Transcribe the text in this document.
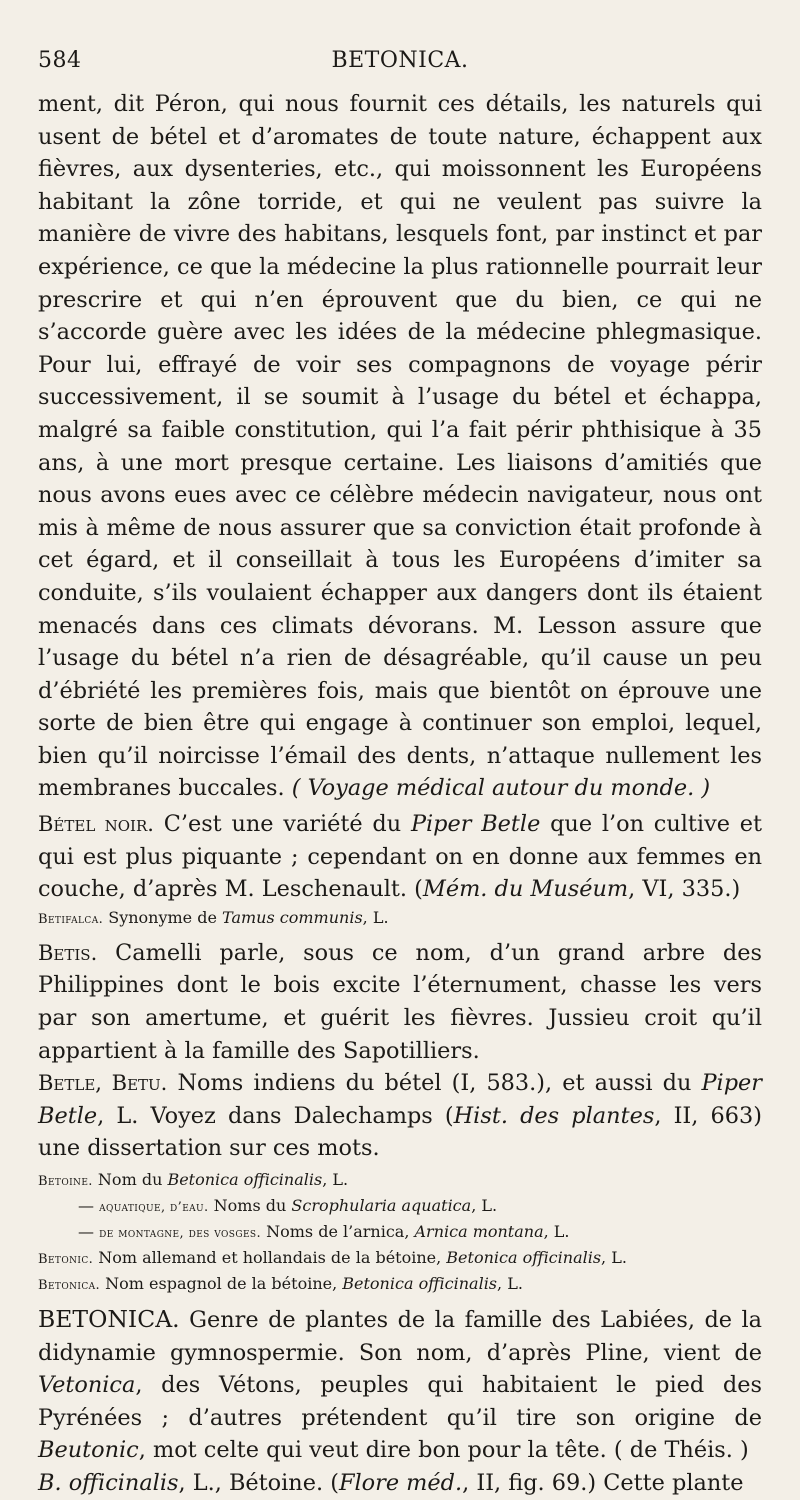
584	BETONICA.

ment, dit Péron, qui nous fournit ces détails, les naturels qui usent de bétel et d’aromates de toute nature, échappent aux fièvres, aux dysenteries, etc., qui moissonnent les Européens habitant la zône torride, et qui ne veulent pas suivre la manière de vivre des habitans, lesquels font, par instinct et par expérience, ce que la médecine la plus rationnelle pourrait leur prescrire et qui n’en éprouvent que du bien, ce qui ne s’accorde guère avec les idées de la médecine phlegmasique. Pour lui, effrayé de voir ses compagnons de voyage périr successivement, il se soumit à l’usage du bétel et échappa, malgré sa faible constitution, qui l’a fait périr phthisique à 35 ans, à une mort presque certaine. Les liaisons d’amitiés que nous avons eues avec ce célèbre médecin navigateur, nous ont mis à même de nous assurer que sa conviction était profonde à cet égard, et il conseillait à tous les Européens d’imiter sa conduite, s’ils voulaient échapper aux dangers dont ils étaient menacés dans ces climats dévorans. M. Lesson assure que l’usage du bétel n’a rien de désagréable, qu’il cause un peu d’ébriété les premières fois, mais que bientôt on éprouve une sorte de bien être qui engage à continuer son emploi, lequel, bien qu’il noircisse l’émail des dents, n’attaque nullement les membranes buccales. ( Voyage médical autour du monde. )

Bétel noir. C’est une variété du Piper Betle que l’on cultive et qui est plus piquante ; cependant on en donne aux femmes en couche, d’après M. Leschenault. (Mém. du Muséum, VI, 335.)

Betifalca. Synonyme de Tamus communis, L.

Betis. Camelli parle, sous ce nom, d’un grand arbre des Philippines dont le bois excite l’éternument, chasse les vers par son amertume, et guérit les fièvres. Jussieu croit qu’il appartient à la famille des Sapotilliers.

Betle, Betu. Noms indiens du bétel (I, 583.), et aussi du Piper Betle, L. Voyez dans Dalechamps (Hist. des plantes, II, 663) une dissertation sur ces mots.

Betoine. Nom du Betonica officinalis, L.

— aquatique, d’eau. Noms du Scrophularia aquatica, L.

— de montagne, des vosges. Noms de l’arnica, Arnica montana, L.

Betonic. Nom allemand et hollandais de la bétoine, Betonica officinalis, L.

Betonica. Nom espagnol de la bétoine, Betonica officinalis, L.

BETONICA. Genre de plantes de la famille des Labiées, de la didynamie gymnospermie. Son nom, d’après Pline, vient de Vetonica, des Vétons, peuples qui habitaient le pied des Pyrénées ; d’autres prétendent qu’il tire son origine de Beutonic, mot celte qui veut dire bon pour la tête. ( de Théis. )

B. officinalis, L., Bétoine. (Flore méd., II, fig. 69.) Cette plante
